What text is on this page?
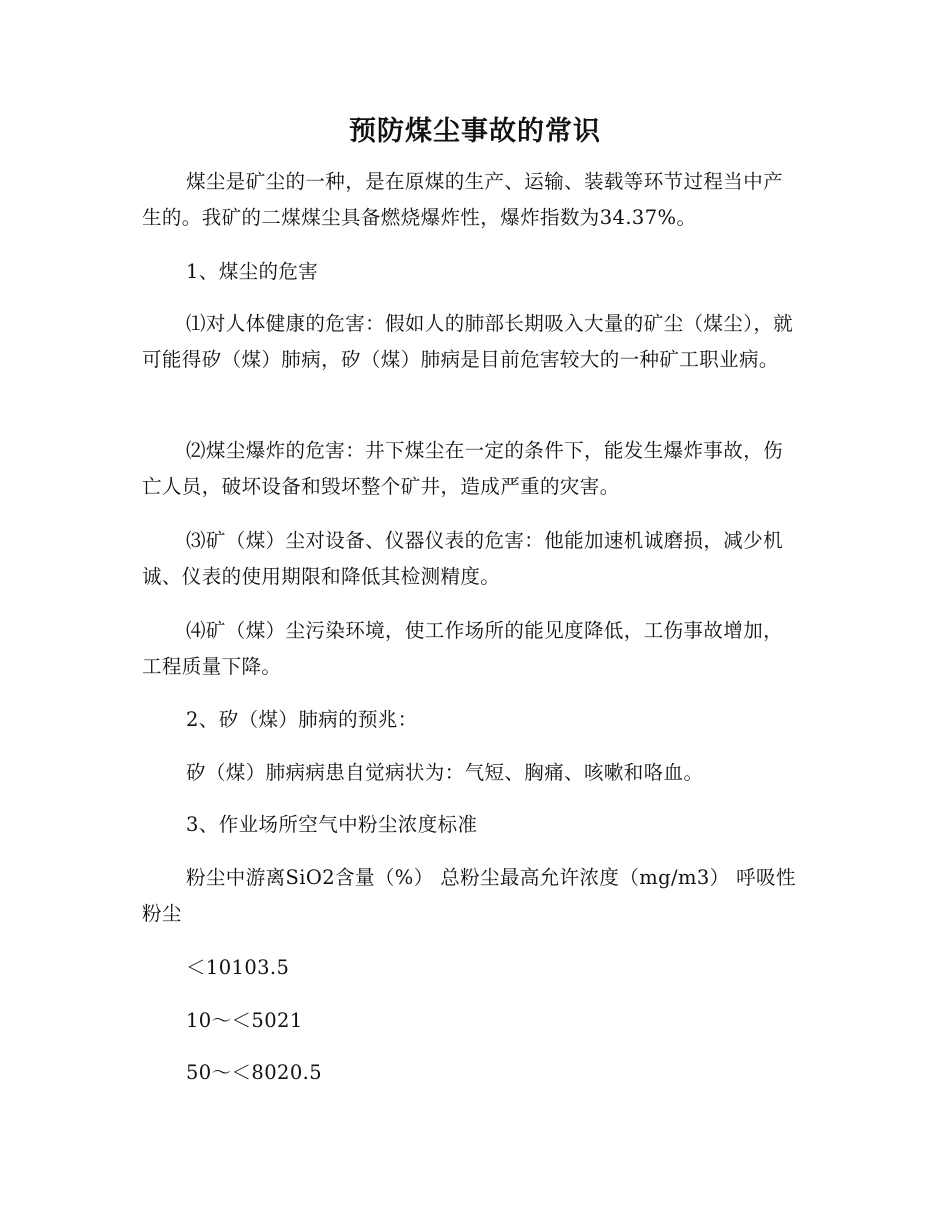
预防煤尘事故的常识

煤尘是矿尘的一种，是在原煤的生产、运输、装载等环节过程当中产生的。我矿的二煤煤尘具备燃烧爆炸性，爆炸指数为34.37%。

1、煤尘的危害

⑴对人体健康的危害：假如人的肺部长期吸入大量的矿尘（煤尘），就可能得矽（煤）肺病，矽（煤）肺病是目前危害较大的一种矿工职业病。

⑵煤尘爆炸的危害：井下煤尘在一定的条件下，能发生爆炸事故，伤亡人员，破坏设备和毁坏整个矿井，造成严重的灾害。

⑶矿（煤）尘对设备、仪器仪表的危害：他能加速机诚磨损，减少机诚、仪表的使用期限和降低其检测精度。

⑷矿（煤）尘污染环境，使工作场所的能见度降低，工伤事故增加，工程质量下降。

2、矽（煤）肺病的预兆：

矽（煤）肺病病患自觉病状为：气短、胸痛、咳嗽和咯血。

3、作业场所空气中粉尘浓度标准

粉尘中游离SiO2含量（%） 总粉尘最高允许浓度（mg/m3） 呼吸性粉尘

＜10103.5

10～＜5021

50～＜8020.5
